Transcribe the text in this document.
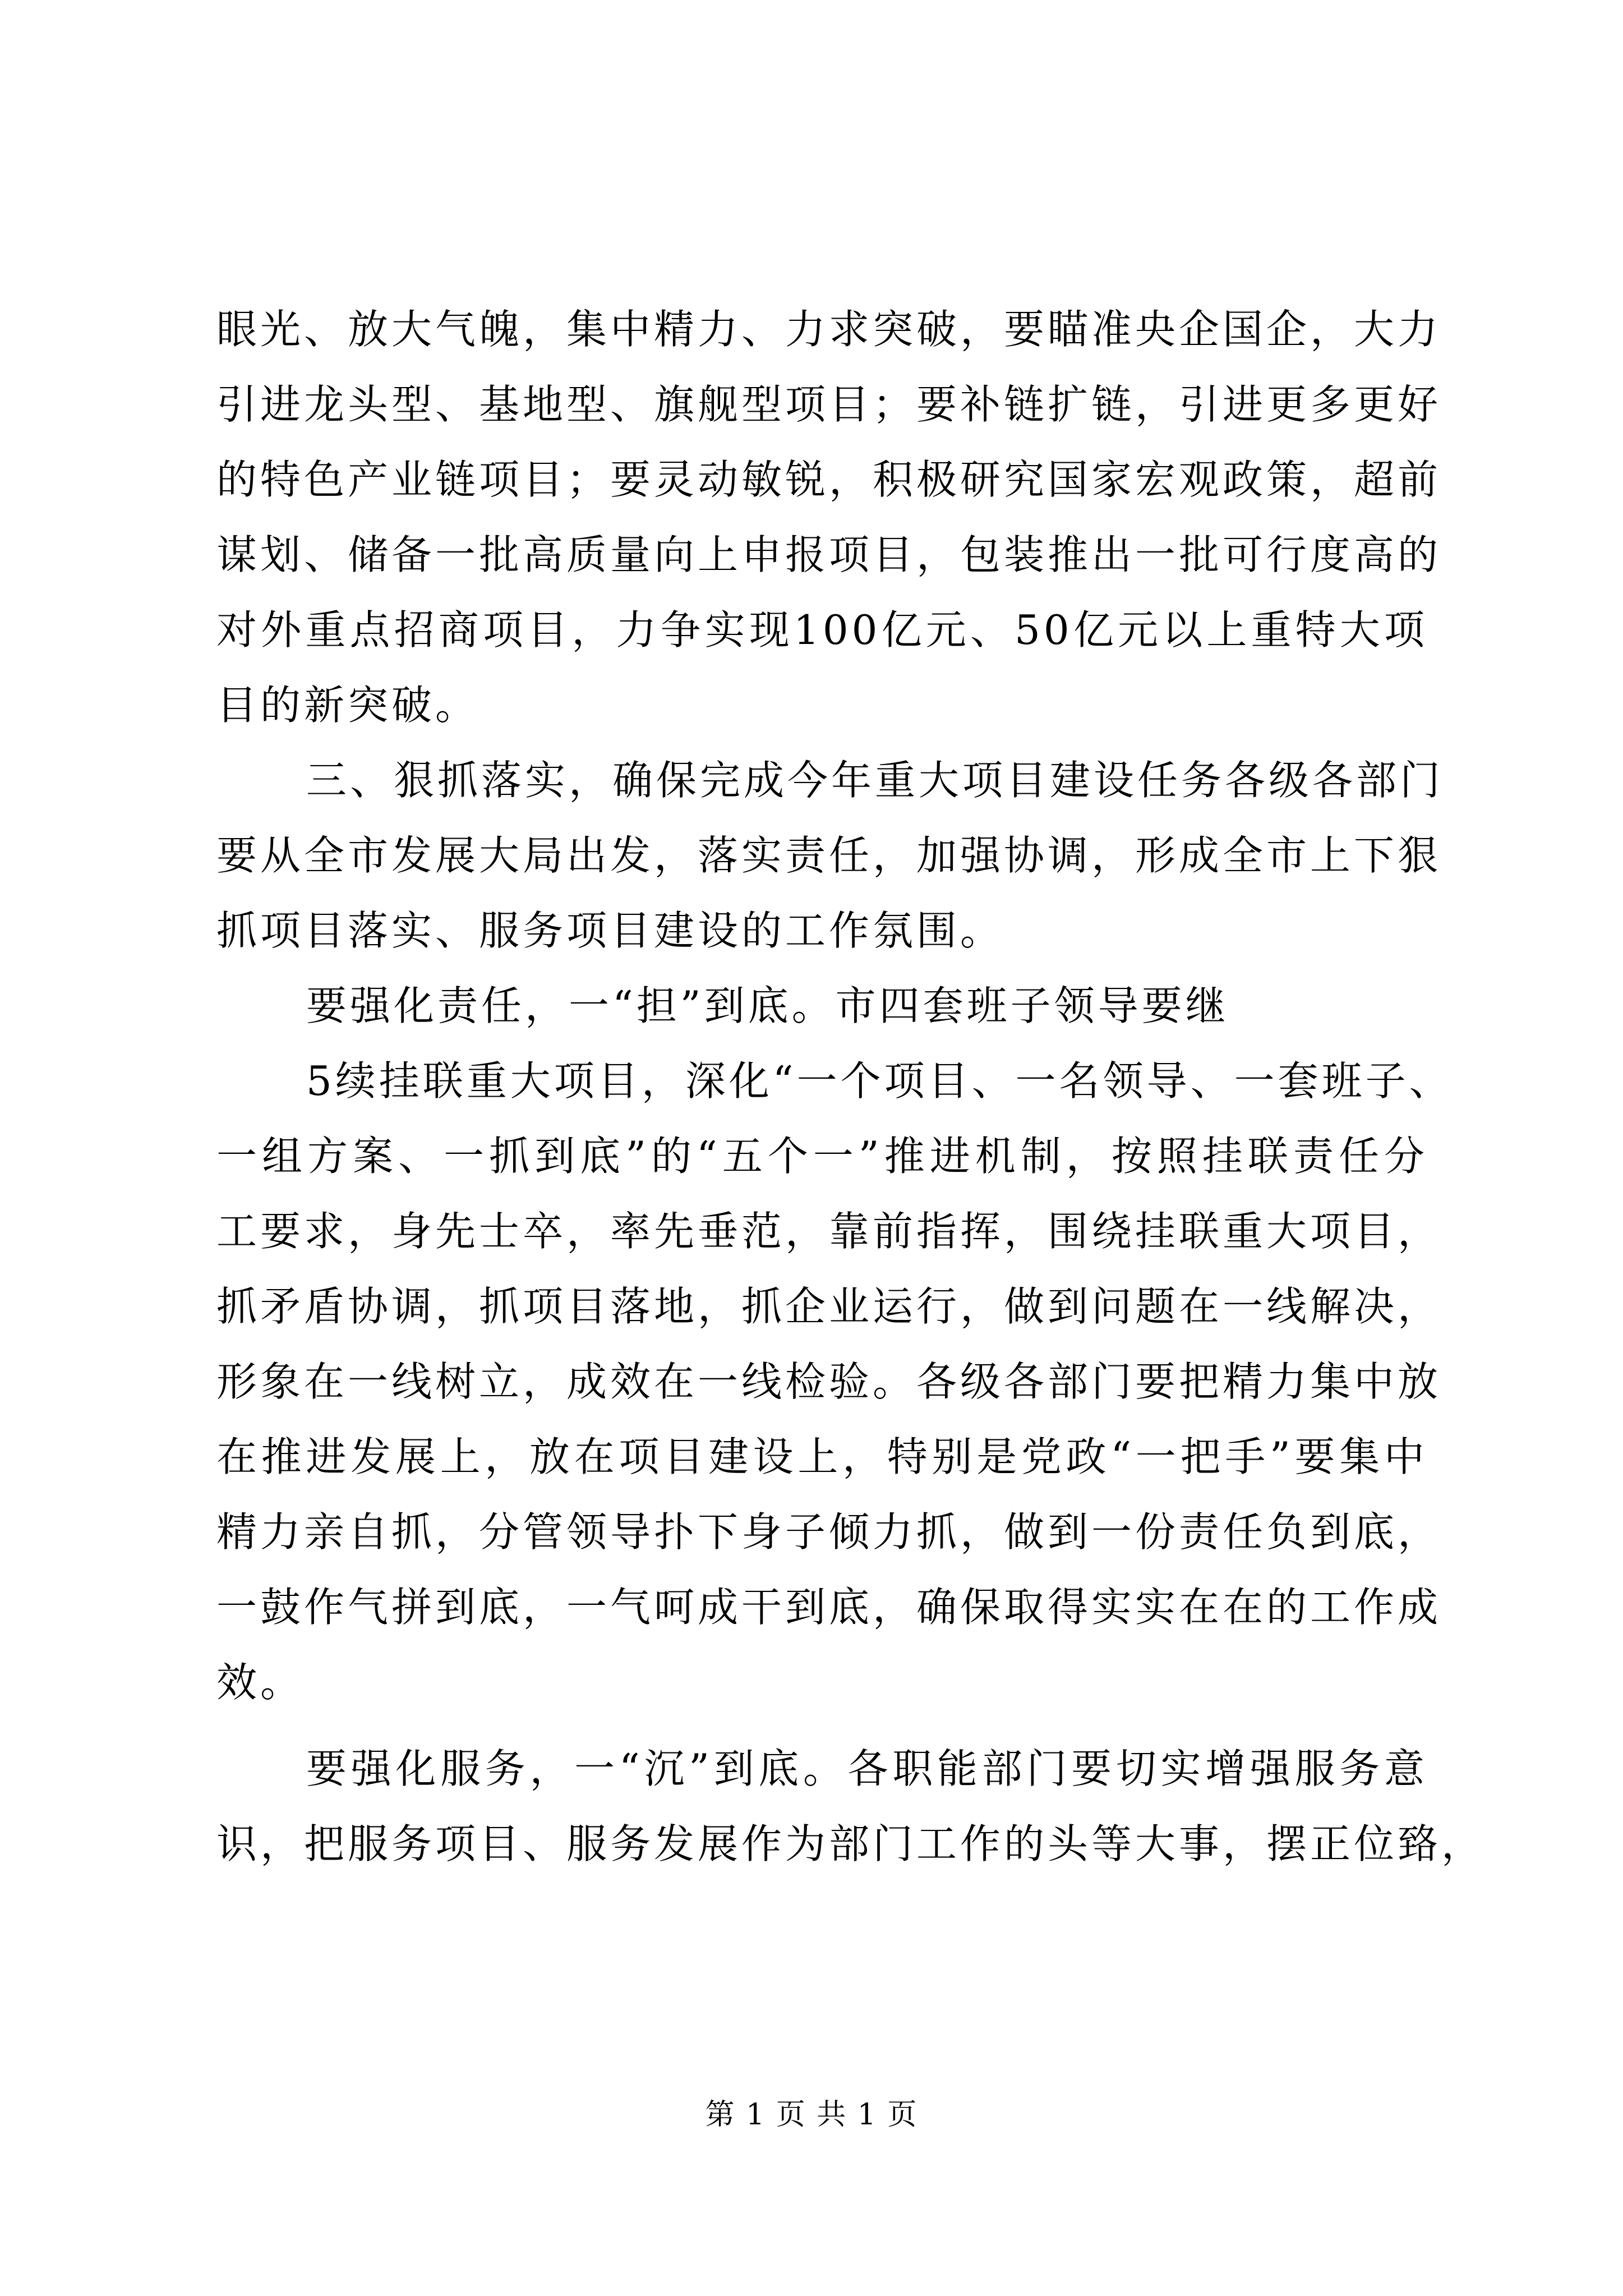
眼光、放大气魄，集中精力、力求突破，要瞄准央企国企，大力
引进龙头型、基地型、旗舰型项目；要补链扩链，引进更多更好
的特色产业链项目；要灵动敏锐，积极研究国家宏观政策，超前
谋划、储备一批高质量向上申报项目，包装推出一批可行度高的
对外重点招商项目，力争实现100亿元、50亿元以上重特大项
目的新突破。

三、狠抓落实，确保完成今年重大项目建设任务各级各部门
要从全市发展大局出发，落实责任，加强协调，形成全市上下狠
抓项目落实、服务项目建设的工作氛围。

要强化责任，一“担”到底。市四套班子领导要继

5续挂联重大项目，深化“一个项目、一名领导、一套班子、
一组方案、一抓到底”的“五个一”推进机制，按照挂联责任分
工要求，身先士卒，率先垂范，靠前指挥，围绕挂联重大项目，
抓矛盾协调，抓项目落地，抓企业运行，做到问题在一线解决，
形象在一线树立，成效在一线检验。各级各部门要把精力集中放
在推进发展上，放在项目建设上，特别是党政“一把手”要集中
精力亲自抓，分管领导扑下身子倾力抓，做到一份责任负到底，
一鼓作气拼到底，一气呵成干到底，确保取得实实在在的工作成
效。

要强化服务，一“沉”到底。各职能部门要切实增强服务意
识，把服务项目、服务发展作为部门工作的头等大事，摆正位臵，

第 1 页 共 1 页
